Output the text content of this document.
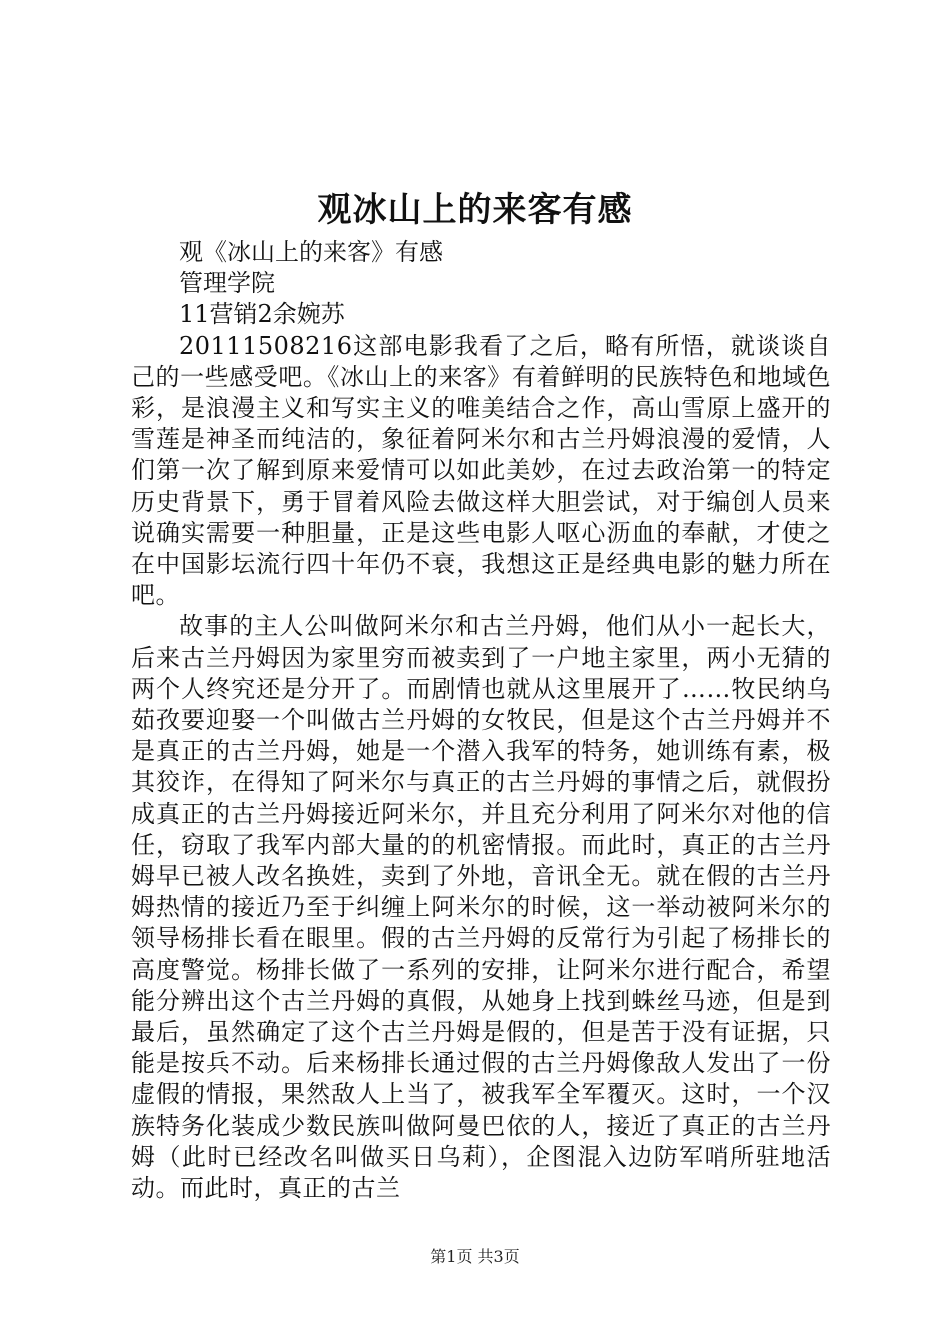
观冰山上的来客有感

观《冰山上的来客》有感

管理学院

11营销2余婉苏

20111508216这部电影我看了之后，略有所悟，就谈谈自己的一些感受吧。《冰山上的来客》有着鲜明的民族特色和地域色彩，是浪漫主义和写实主义的唯美结合之作，高山雪原上盛开的雪莲是神圣而纯洁的，象征着阿米尔和古兰丹姆浪漫的爱情，人们第一次了解到原来爱情可以如此美妙，在过去政治第一的特定历史背景下，勇于冒着风险去做这样大胆尝试，对于编创人员来说确实需要一种胆量，正是这些电影人呕心沥血的奉献，才使之在中国影坛流行四十年仍不衰，我想这正是经典电影的魅力所在吧。

故事的主人公叫做阿米尔和古兰丹姆，他们从小一起长大，后来古兰丹姆因为家里穷而被卖到了一户地主家里，两小无猜的两个人终究还是分开了。而剧情也就从这里展开了……牧民纳乌茹孜要迎娶一个叫做古兰丹姆的女牧民，但是这个古兰丹姆并不是真正的古兰丹姆，她是一个潜入我军的特务，她训练有素，极其狡诈，在得知了阿米尔与真正的古兰丹姆的事情之后，就假扮成真正的古兰丹姆接近阿米尔，并且充分利用了阿米尔对他的信任，窃取了我军内部大量的的机密情报。而此时，真正的古兰丹姆早已被人改名换姓，卖到了外地，音讯全无。就在假的古兰丹姆热情的接近乃至于纠缠上阿米尔的时候，这一举动被阿米尔的领导杨排长看在眼里。假的古兰丹姆的反常行为引起了杨排长的高度警觉。杨排长做了一系列的安排，让阿米尔进行配合，希望能分辨出这个古兰丹姆的真假，从她身上找到蛛丝马迹，但是到最后，虽然确定了这个古兰丹姆是假的，但是苦于没有证据，只能是按兵不动。后来杨排长通过假的古兰丹姆像敌人发出了一份虚假的情报，果然敌人上当了，被我军全军覆灭。这时，一个汉族特务化装成少数民族叫做阿曼巴依的人，接近了真正的古兰丹姆（此时已经改名叫做买日乌莉），企图混入边防军哨所驻地活动。而此时，真正的古兰

第1页 共3页
